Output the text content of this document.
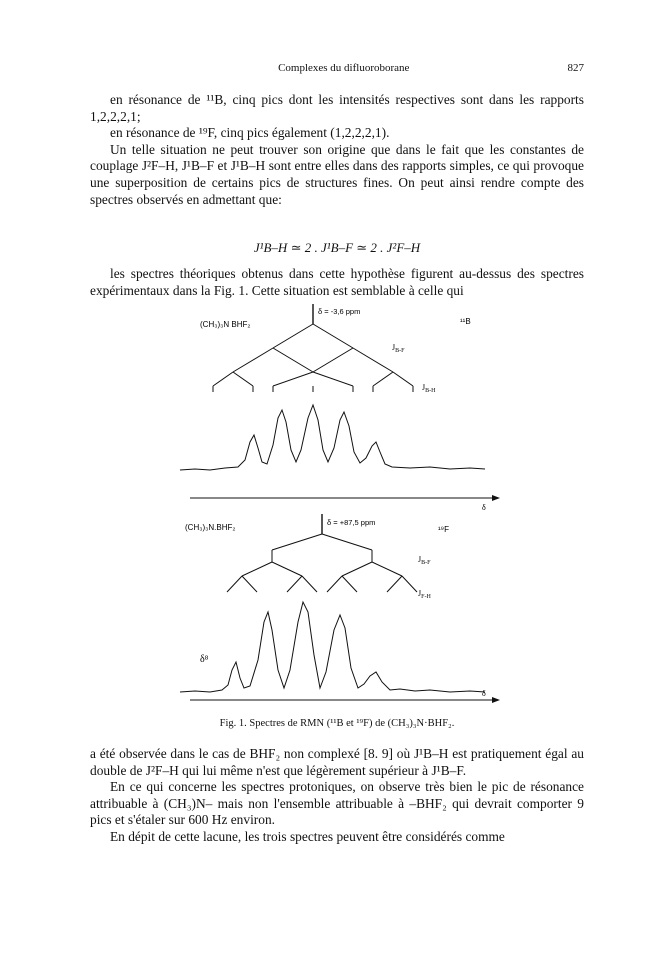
Complexes du difluoroborane	827

en résonance de ¹¹B, cinq pics dont les intensités respectives sont dans les rapports 1,2,2,2,1;

en résonance de ¹⁹F, cinq pics également (1,2,2,2,1).

Un telle situation ne peut trouver son origine que dans le fait que les constantes de couplage J²F–H, J¹B–F et J¹B–H sont entre elles dans des rapports simples, ce qui provoque une superposition de certains pics de structures fines. On peut ainsi rendre compte des spectres observés en admettant que:

J¹B–H ≃ 2 . J¹B–F ≃ 2 . J²F–H
les spectres théoriques obtenus dans cette hypothèse figurent au-dessus des spectres expérimentaux dans la Fig. 1. Cette situation est semblable à celle qui
(CH₃)₃N BHF₂	¹¹B
δ = -3,6 ppm
$J_{B-F}$
$J_{B-H}$
δ
(CH₃)₃N.BHF₂	¹⁹F
δ = +87,5 ppm
$J_{B-F}$
$J_{F-H}$
δ⁸
δ
Fig. 1. Spectres de RMN (¹¹B et ¹⁹F) de (CH₃)₃N·BHF₂.

a été observée dans le cas de BHF₂ non complexé [8. 9] où J¹B–H est pratiquement égal au double de J²F–H qui lui même n'est que légèrement supérieur à J¹B–F.

En ce qui concerne les spectres protoniques, on observe très bien le pic de résonance attribuable à (CH₃)N– mais non l'ensemble attribuable à –BHF₂ qui devrait comporter 9 pics et s'étaler sur 600 Hz environ.

En dépit de cette lacune, les trois spectres peuvent être considérés comme
